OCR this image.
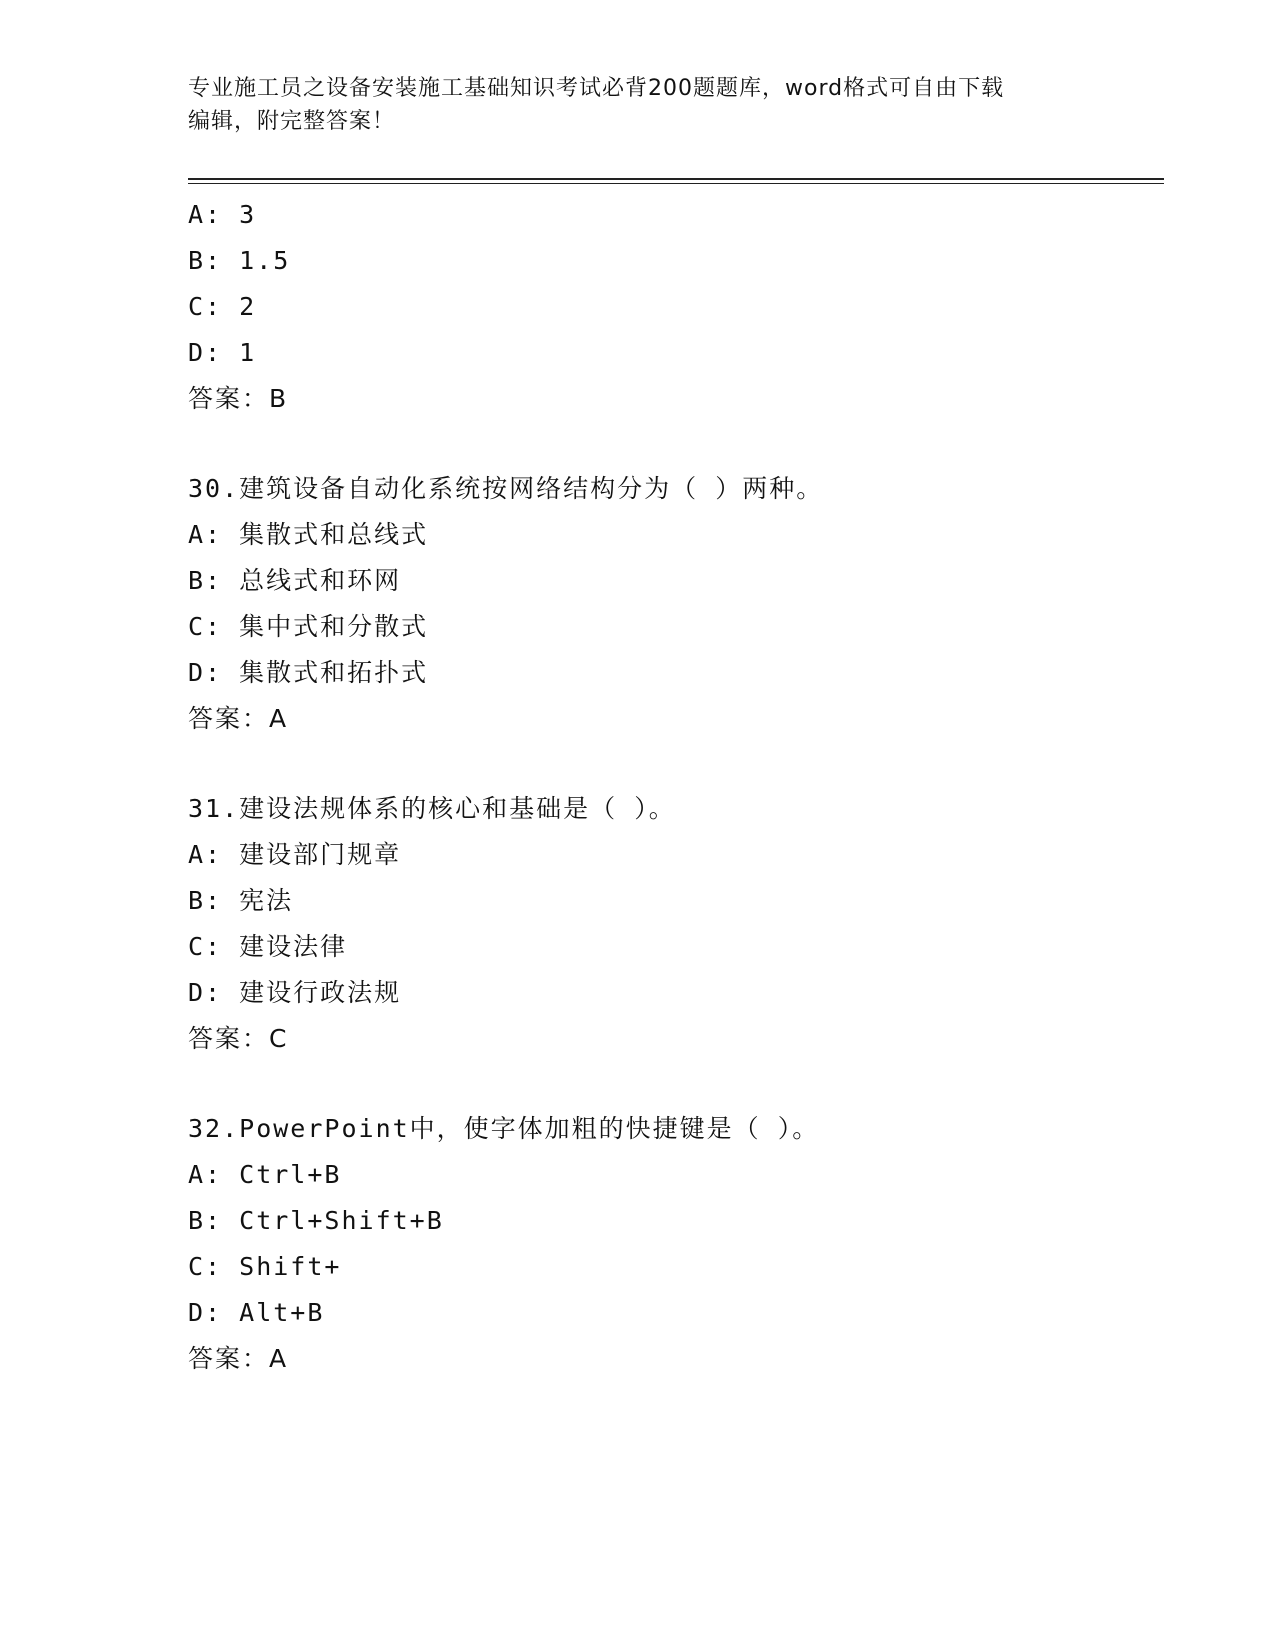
专业施工员之设备安装施工基础知识考试必背200题题库，word格式可自由下载
编辑，附完整答案！
A: 3
B: 1.5
C: 2
D: 1
答案：B
30.建筑设备自动化系统按网络结构分为（ ）两种。
A: 集散式和总线式
B: 总线式和环网
C: 集中式和分散式
D: 集散式和拓扑式
答案：A
31.建设法规体系的核心和基础是（ ）。
A: 建设部门规章
B: 宪法
C: 建设法律
D: 建设行政法规
答案：C
32.PowerPoint中，使字体加粗的快捷键是（ ）。
A: Ctrl+B
B: Ctrl+Shift+B
C: Shift+
D: Alt+B
答案：A
